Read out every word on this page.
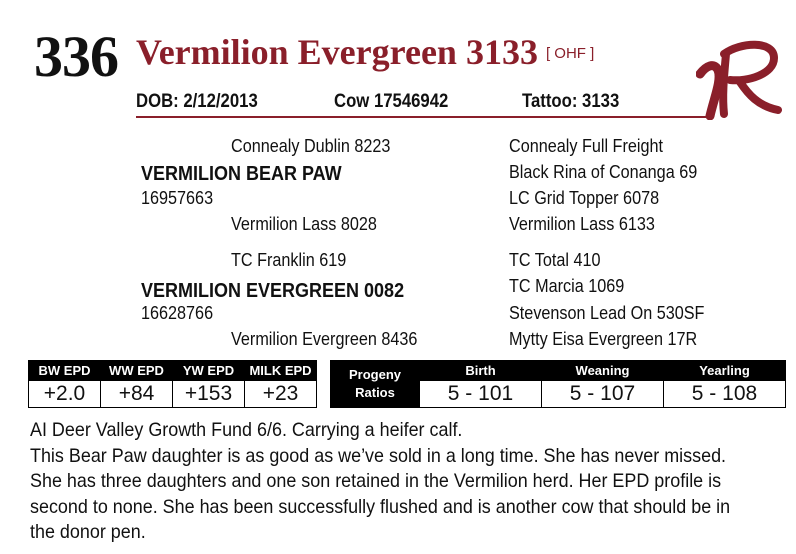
336 Vermilion Evergreen 3133 [ OHF ]
DOB: 2/12/2013	Cow 17546942	Tattoo: 3133
Connealy Dublin 8223
VERMILION BEAR PAW
16957663
Vermilion Lass 8028
Connealy Full Freight
Black Rina of Conanga 69
LC Grid Topper 6078
Vermilion Lass 6133
TC Franklin 619
VERMILION EVERGREEN 0082
16628766
Vermilion Evergreen 8436
TC Total 410
TC Marcia 1069
Stevenson Lead On 530SF
Mytty Eisa Evergreen 17R
BW EPD	WW EPD	YW EPD	MILK EPD
+2.0	+84	+153	+23
Progeny
Ratios	Birth	Weaning	Yearling
	5 - 101	5 - 107	5 - 108

AI Deer Valley Growth Fund 6/6. Carrying a heifer calf.

This Bear Paw daughter is as good as we’ve sold in a long time. She has never missed.

She has three daughters and one son retained in the Vermilion herd. Her EPD profile is

second to none. She has been successfully flushed and is another cow that should be in

the donor pen.
